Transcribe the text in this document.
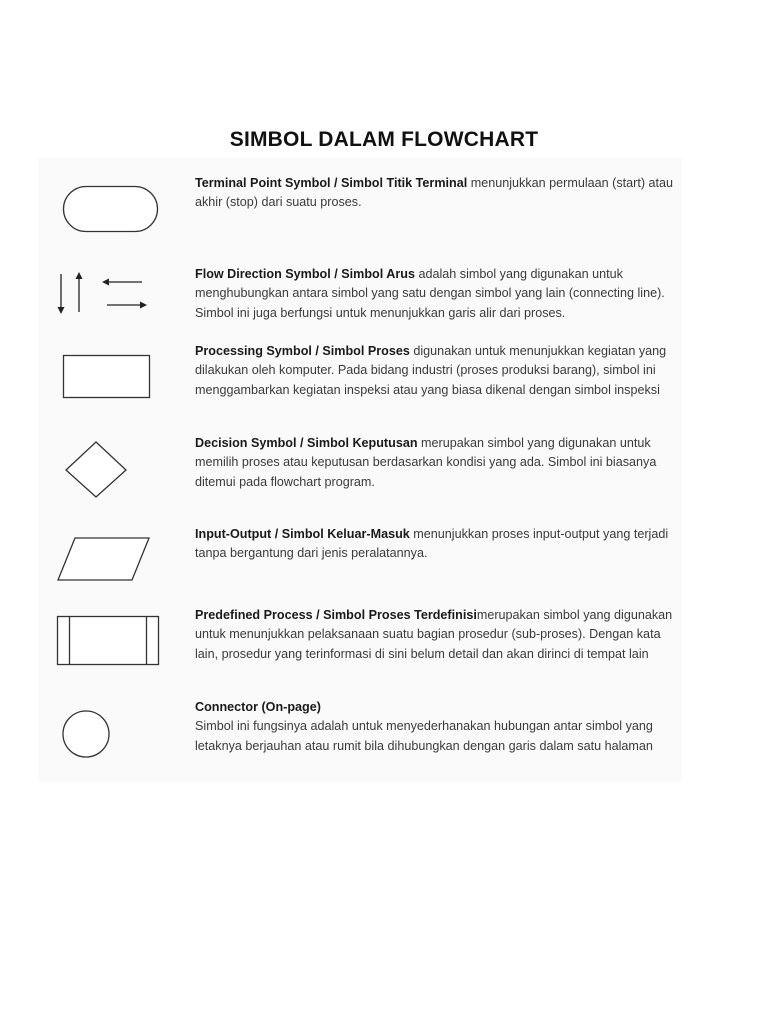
SIMBOL DALAM FLOWCHART
Terminal Point Symbol / Simbol Titik Terminal menunjukkan permulaan (start) atau akhir (stop) dari suatu proses.
Flow Direction Symbol / Simbol Arus adalah simbol yang digunakan untuk menghubungkan antara simbol yang satu dengan simbol yang lain (connecting line). Simbol ini juga berfungsi untuk menunjukkan garis alir dari proses.
Processing Symbol / Simbol Proses digunakan untuk menunjukkan kegiatan yang dilakukan oleh komputer. Pada bidang industri (proses produksi barang), simbol ini menggambarkan kegiatan inspeksi atau yang biasa dikenal dengan simbol inspeksi
Decision Symbol / Simbol Keputusan merupakan simbol yang digunakan untuk memilih proses atau keputusan berdasarkan kondisi yang ada. Simbol ini biasanya ditemui pada flowchart program.
Input-Output / Simbol Keluar-Masuk menunjukkan proses input-output yang terjadi tanpa bergantung dari jenis peralatannya.
Predefined Process / Simbol Proses Terdefinisimerupakan simbol yang digunakan untuk menunjukkan pelaksanaan suatu bagian prosedur (sub-proses). Dengan kata lain, prosedur yang terinformasi di sini belum detail dan akan dirinci di tempat lain
Connector (On-page)
Simbol ini fungsinya adalah untuk menyederhanakan hubungan antar simbol yang letaknya berjauhan atau rumit bila dihubungkan dengan garis dalam satu halaman
